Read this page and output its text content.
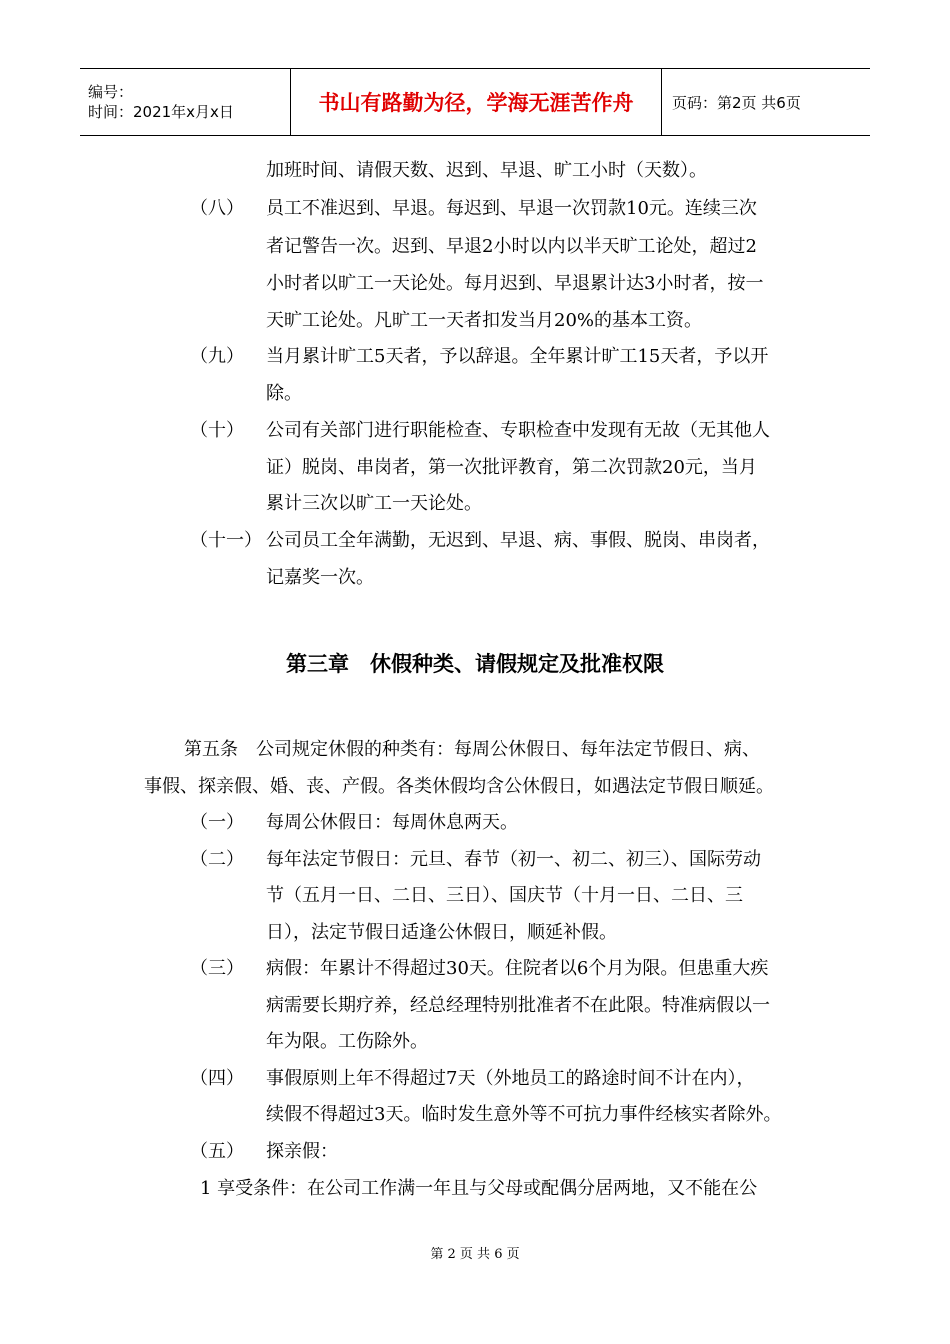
编号：
时间：2021年x月x日	书山有路勤为径，学海无涯苦作舟	页码：第2页 共6页
加班时间、请假天数、迟到、早退、旷工小时（天数）。
（八） 员工不准迟到、早退。每迟到、早退一次罚款10元。连续三次
者记警告一次。迟到、早退2小时以内以半天旷工论处，超过2
小时者以旷工一天论处。每月迟到、早退累计达3小时者，按一
天旷工论处。凡旷工一天者扣发当月20%的基本工资。
（九） 当月累计旷工5天者，予以辞退。全年累计旷工15天者，予以开
除。
（十） 公司有关部门进行职能检查、专职检查中发现有无故（无其他人
证）脱岗、串岗者，第一次批评教育，第二次罚款20元，当月
累计三次以旷工一天论处。
（十一） 公司员工全年满勤，无迟到、早退、病、事假、脱岗、串岗者，
记嘉奖一次。
第三章　休假种类、请假规定及批准权限
第五条　公司规定休假的种类有：每周公休假日、每年法定节假日、病、
事假、探亲假、婚、丧、产假。各类休假均含公休假日，如遇法定节假日顺延。
（一） 每周公休假日：每周休息两天。
（二） 每年法定节假日：元旦、春节（初一、初二、初三）、国际劳动
节（五月一日、二日、三日）、国庆节（十月一日、二日、三
日），法定节假日适逢公休假日，顺延补假。
（三） 病假：年累计不得超过30天。住院者以6个月为限。但患重大疾
病需要长期疗养，经总经理特别批准者不在此限。特准病假以一
年为限。工伤除外。
（四） 事假原则上年不得超过7天（外地员工的路途时间不计在内），
续假不得超过3天。临时发生意外等不可抗力事件经核实者除外。
（五） 探亲假：
1 享受条件：在公司工作满一年且与父母或配偶分居两地，又不能在公
第 2 页 共 6 页
